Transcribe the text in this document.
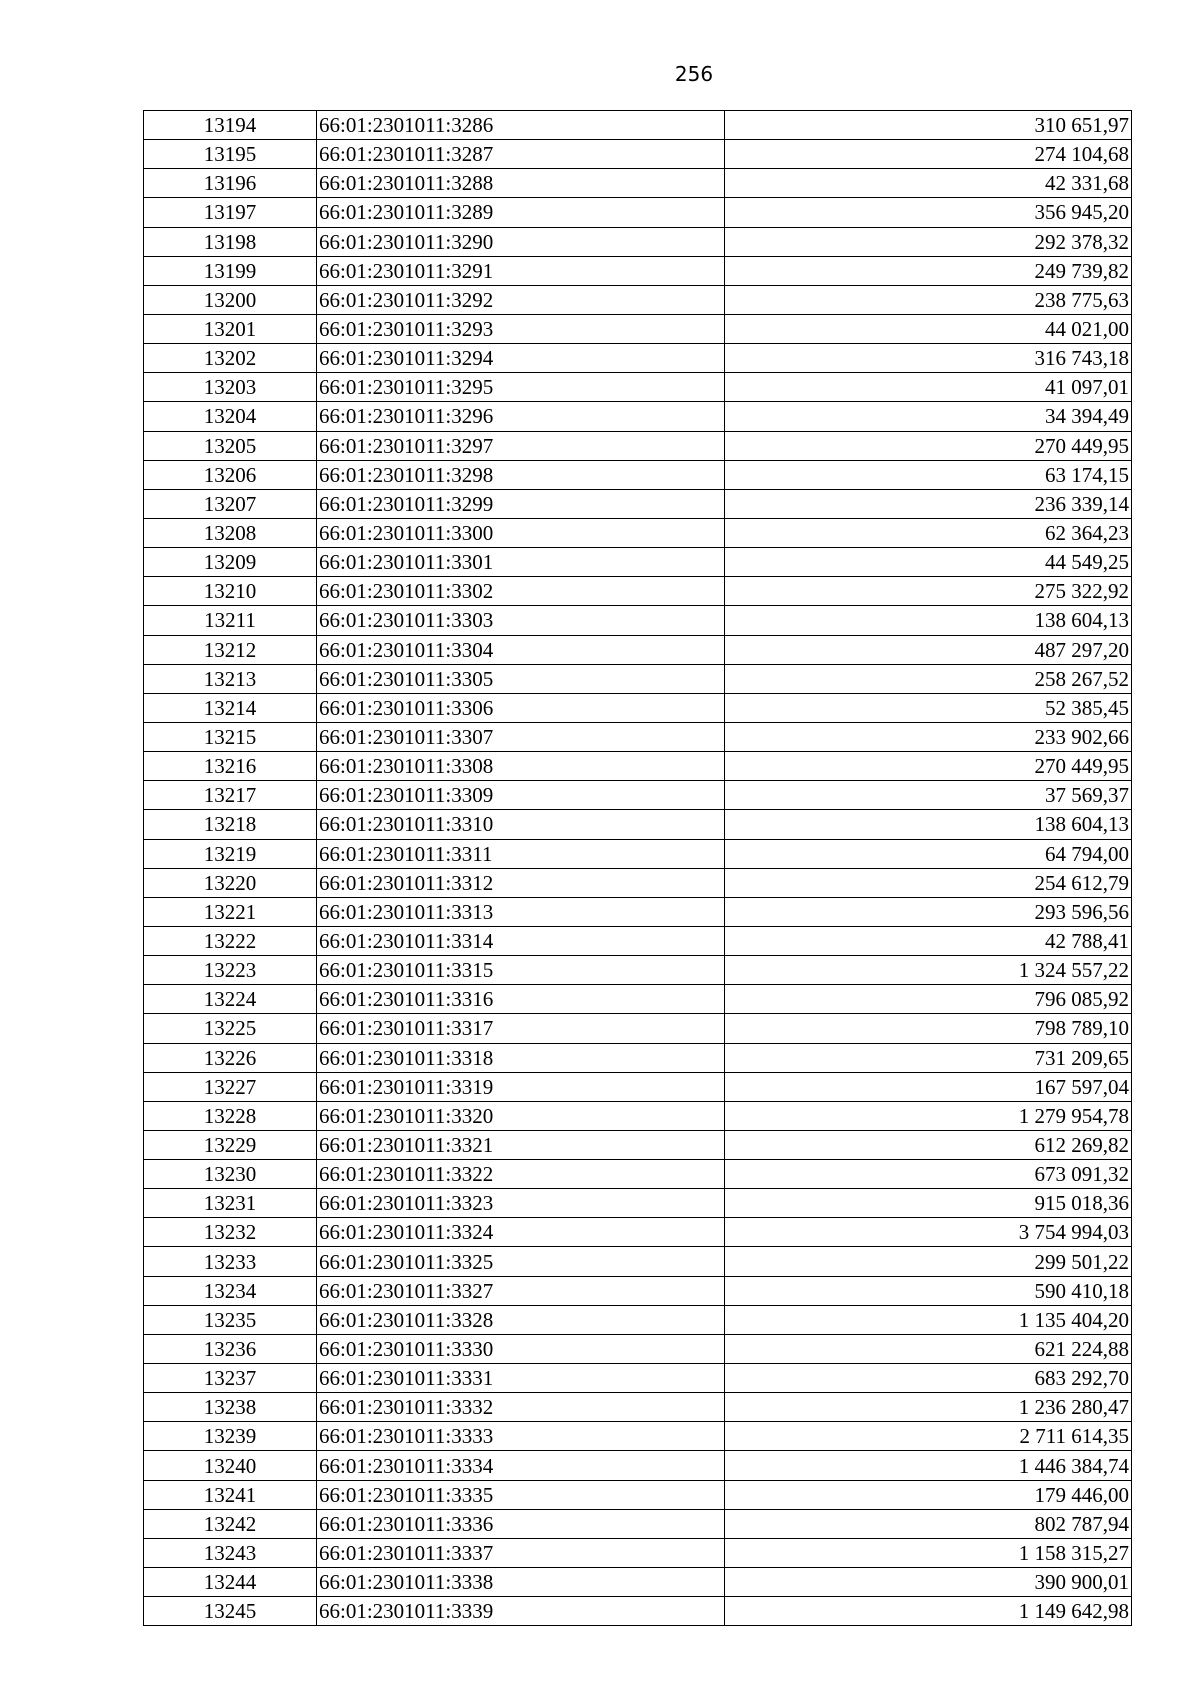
256
13194	66:01:2301011:3286	310 651,97
13195	66:01:2301011:3287	274 104,68
13196	66:01:2301011:3288	42 331,68
13197	66:01:2301011:3289	356 945,20
13198	66:01:2301011:3290	292 378,32
13199	66:01:2301011:3291	249 739,82
13200	66:01:2301011:3292	238 775,63
13201	66:01:2301011:3293	44 021,00
13202	66:01:2301011:3294	316 743,18
13203	66:01:2301011:3295	41 097,01
13204	66:01:2301011:3296	34 394,49
13205	66:01:2301011:3297	270 449,95
13206	66:01:2301011:3298	63 174,15
13207	66:01:2301011:3299	236 339,14
13208	66:01:2301011:3300	62 364,23
13209	66:01:2301011:3301	44 549,25
13210	66:01:2301011:3302	275 322,92
13211	66:01:2301011:3303	138 604,13
13212	66:01:2301011:3304	487 297,20
13213	66:01:2301011:3305	258 267,52
13214	66:01:2301011:3306	52 385,45
13215	66:01:2301011:3307	233 902,66
13216	66:01:2301011:3308	270 449,95
13217	66:01:2301011:3309	37 569,37
13218	66:01:2301011:3310	138 604,13
13219	66:01:2301011:3311	64 794,00
13220	66:01:2301011:3312	254 612,79
13221	66:01:2301011:3313	293 596,56
13222	66:01:2301011:3314	42 788,41
13223	66:01:2301011:3315	1 324 557,22
13224	66:01:2301011:3316	796 085,92
13225	66:01:2301011:3317	798 789,10
13226	66:01:2301011:3318	731 209,65
13227	66:01:2301011:3319	167 597,04
13228	66:01:2301011:3320	1 279 954,78
13229	66:01:2301011:3321	612 269,82
13230	66:01:2301011:3322	673 091,32
13231	66:01:2301011:3323	915 018,36
13232	66:01:2301011:3324	3 754 994,03
13233	66:01:2301011:3325	299 501,22
13234	66:01:2301011:3327	590 410,18
13235	66:01:2301011:3328	1 135 404,20
13236	66:01:2301011:3330	621 224,88
13237	66:01:2301011:3331	683 292,70
13238	66:01:2301011:3332	1 236 280,47
13239	66:01:2301011:3333	2 711 614,35
13240	66:01:2301011:3334	1 446 384,74
13241	66:01:2301011:3335	179 446,00
13242	66:01:2301011:3336	802 787,94
13243	66:01:2301011:3337	1 158 315,27
13244	66:01:2301011:3338	390 900,01
13245	66:01:2301011:3339	1 149 642,98
